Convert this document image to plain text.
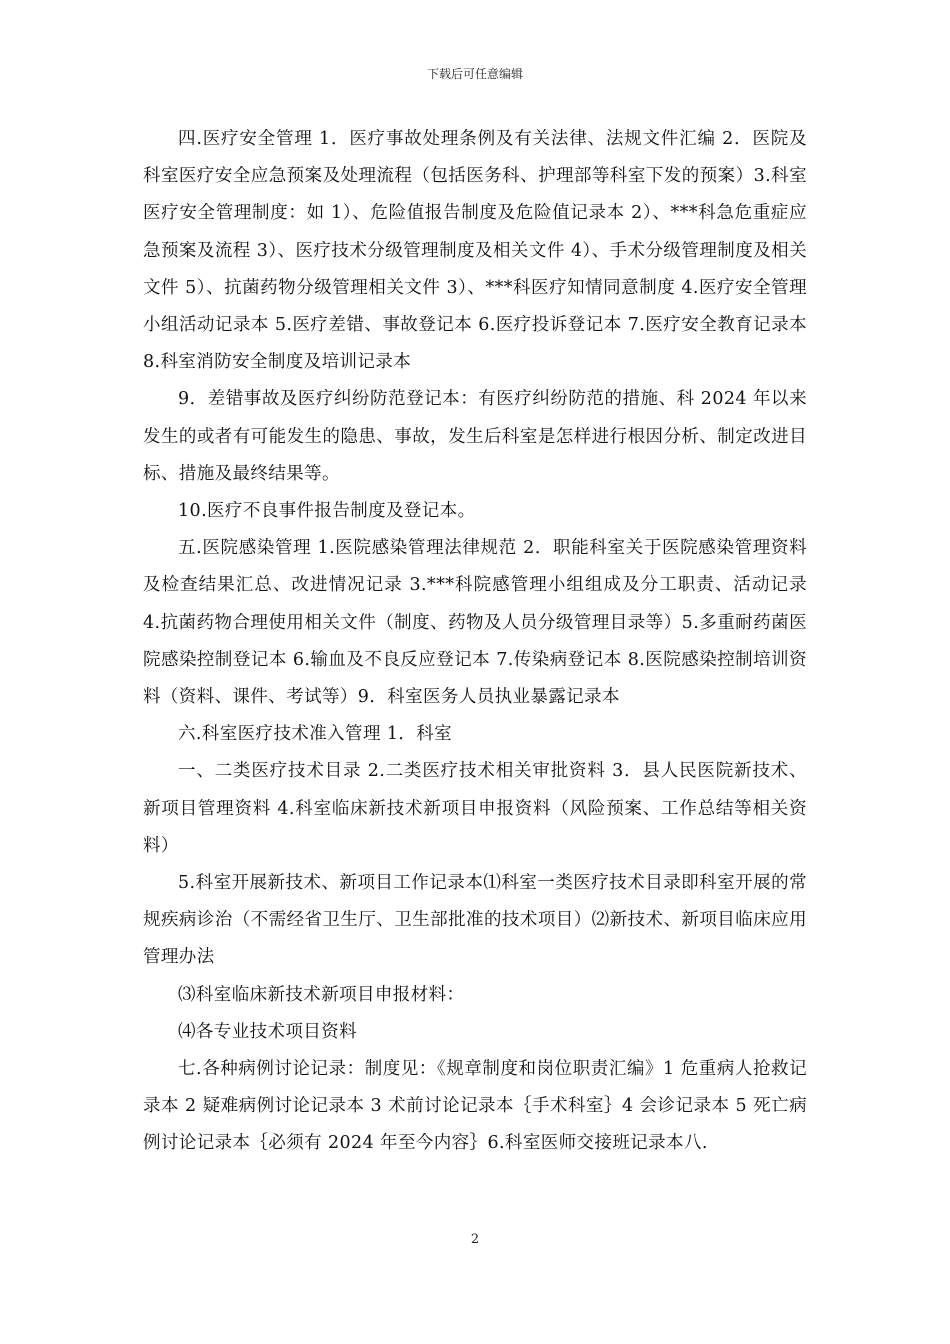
下载后可任意编辑

四.医疗安全管理 1．医疗事故处理条例及有关法律、法规文件汇编 2．医院及科室医疗安全应急预案及处理流程（包括医务科、护理部等科室下发的预案）3.科室医疗安全管理制度：如 1）、危险值报告制度及危险值记录本 2）、***科急危重症应急预案及流程 3）、医疗技术分级管理制度及相关文件 4）、手术分级管理制度及相关文件 5）、抗菌药物分级管理相关文件 3）、***科医疗知情同意制度 4.医疗安全管理小组活动记录本 5.医疗差错、事故登记本 6.医疗投诉登记本 7.医疗安全教育记录本 8.科室消防安全制度及培训记录本

9．差错事故及医疗纠纷防范登记本：有医疗纠纷防范的措施、科 2024 年以来发生的或者有可能发生的隐患、事故，发生后科室是怎样进行根因分析、制定改进目标、措施及最终结果等。

10.医疗不良事件报告制度及登记本。

五.医院感染管理 1.医院感染管理法律规范 2．职能科室关于医院感染管理资料及检查结果汇总、改进情况记录 3.***科院感管理小组组成及分工职责、活动记录 4.抗菌药物合理使用相关文件（制度、药物及人员分级管理目录等）5.多重耐药菌医院感染控制登记本 6.输血及不良反应登记本 7.传染病登记本 8.医院感染控制培训资料（资料、课件、考试等）9．科室医务人员执业暴露记录本

六.科室医疗技术准入管理 1．科室

一、二类医疗技术目录 2.二类医疗技术相关审批资料 3．县人民医院新技术、新项目管理资料 4.科室临床新技术新项目申报资料（风险预案、工作总结等相关资料）

5.科室开展新技术、新项目工作记录本⑴科室一类医疗技术目录即科室开展的常规疾病诊治（不需经省卫生厅、卫生部批准的技术项目）⑵新技术、新项目临床应用管理办法

⑶科室临床新技术新项目申报材料：

⑷各专业技术项目资料

七.各种病例讨论记录：制度见：《规章制度和岗位职责汇编》1 危重病人抢救记录本 2 疑难病例讨论记录本 3 术前讨论记录本｛手术科室｝4 会诊记录本 5 死亡病例讨论记录本｛必须有 2024 年至今内容｝6.科室医师交接班记录本八.

2
